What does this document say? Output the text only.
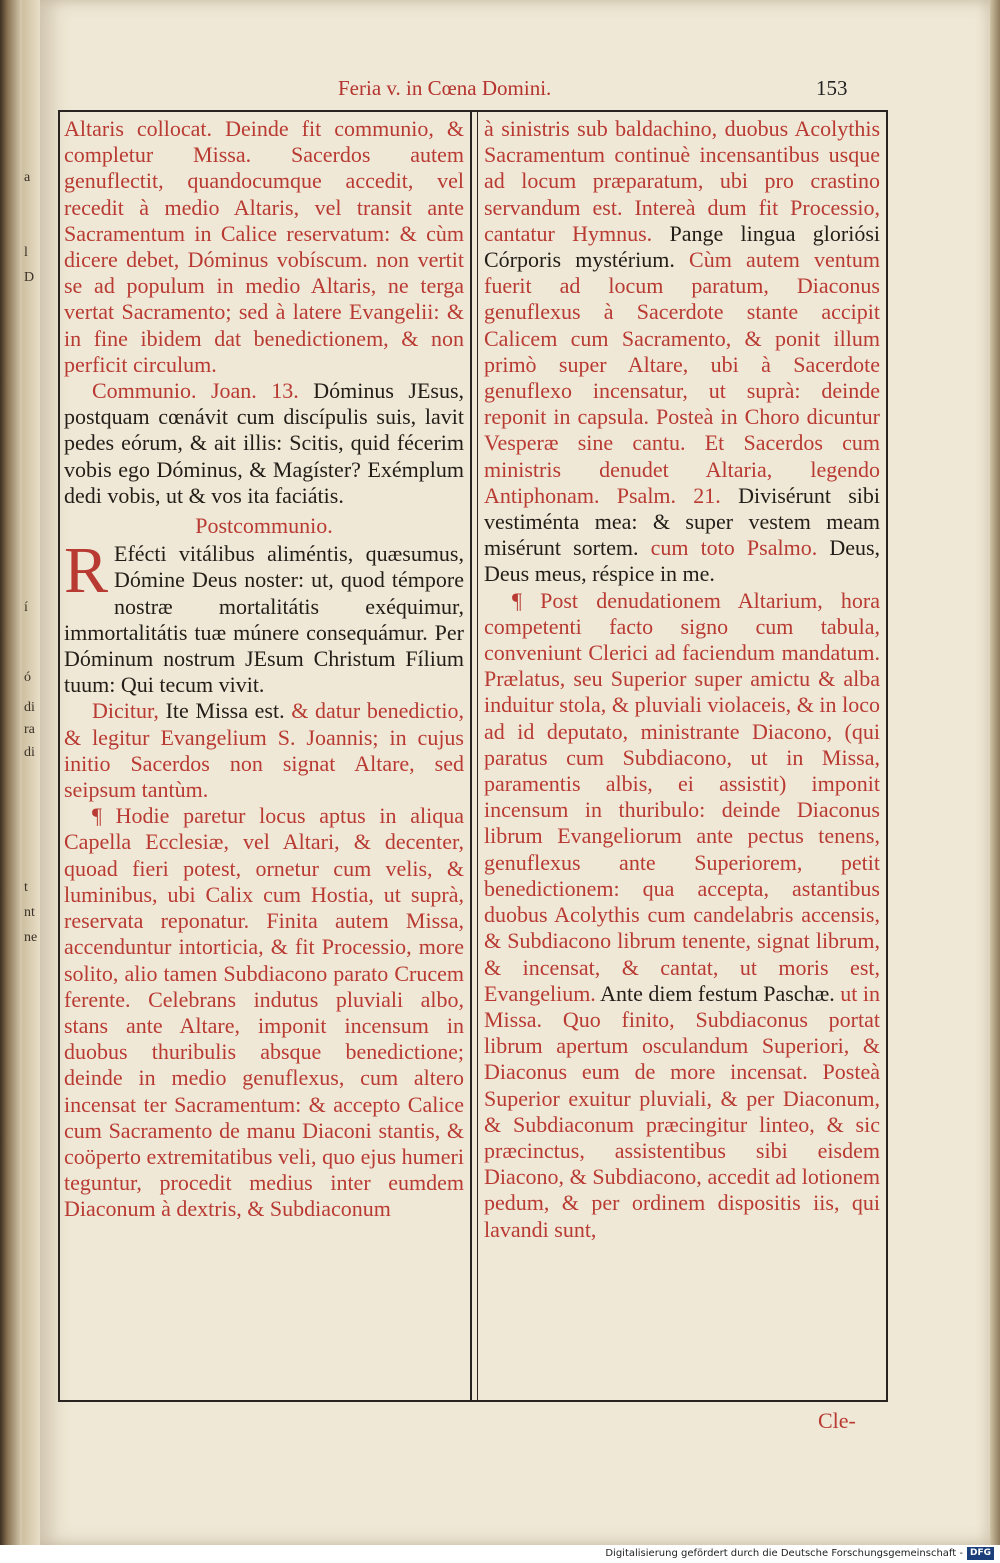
a
l
D
í
ó
di
ra
di
t
nt
ne
Feria v. in Cœna Domini.	153

Altaris collocat. Deinde fit communio, & completur Missa. Sacerdos autem genuflectit, quandocumque accedit, vel recedit à medio Altaris, vel transit ante Sacramentum in Calice reservatum: & cùm dicere debet, Dóminus vobíscum. non vertit se ad populum in medio Altaris, ne terga vertat Sacramento; sed à latere Evangelii: & in fine ibidem dat benedictionem, & non perficit circulum.

Communio. Joan. 13. Dóminus JEsus, postquam cœnávit cum discípulis suis, lavit pedes eórum, & ait illis: Scitis, quid fécerim vobis ego Dóminus, & Magíster? Exémplum dedi vobis, ut & vos ita faciátis.

Postcommunio.

R Efécti vitálibus aliméntis, quæsumus, Dómine Deus noster: ut, quod témpore nostræ mortalitátis exéquimur, immortalitátis tuæ múnere consequámur. Per Dóminum nostrum JEsum Christum Fílium tuum: Qui tecum vivit.

Dicitur, Ite Missa est. & datur benedictio, & legitur Evangelium S. Joannis; in cujus initio Sacerdos non signat Altare, sed seipsum tantùm.

¶ Hodie paretur locus aptus in aliqua Capella Ecclesiæ, vel Altari, & decenter, quoad fieri potest, ornetur cum velis, & luminibus, ubi Calix cum Hostia, ut suprà, reservata reponatur. Finita autem Missa, accenduntur intorticia, & fit Processio, more solito, alio tamen Subdiacono parato Crucem ferente. Celebrans indutus pluviali albo, stans ante Altare, imponit incensum in duobus thuribulis absque benedictione; deinde in medio genuflexus, cum altero incensat ter Sacramentum: & accepto Calice cum Sacramento de manu Diaconi stantis, & coöperto extremitatibus veli, quo ejus humeri teguntur, procedit medius inter eumdem Diaconum à dextris, & Subdiaconum

à sinistris sub baldachino, duobus Acolythis Sacramentum continuè incensantibus usque ad locum præparatum, ubi pro crastino servandum est. Intereà dum fit Processio, cantatur Hymnus. Pange lingua gloriósi Córporis mystérium. Cùm autem ventum fuerit ad locum paratum, Diaconus genuflexus à Sacerdote stante accipit Calicem cum Sacramento, & ponit illum primò super Altare, ubi à Sacerdote genuflexo incensatur, ut suprà: deinde reponit in capsula. Posteà in Choro dicuntur Vesperæ sine cantu. Et Sacerdos cum ministris denudet Altaria, legendo Antiphonam. Psalm. 21. Divisérunt sibi vestiménta mea: & super vestem meam misérunt sortem. cum toto Psalmo. Deus, Deus meus, réspice in me.

¶ Post denudationem Altarium, hora competenti facto signo cum tabula, conveniunt Clerici ad faciendum mandatum. Prælatus, seu Superior super amictu & alba induitur stola, & pluviali violaceis, & in loco ad id deputato, ministrante Diacono, (qui paratus cum Subdiacono, ut in Missa, paramentis albis, ei assistit) imponit incensum in thuribulo: deinde Diaconus librum Evangeliorum ante pectus tenens, genuflexus ante Superiorem, petit benedictionem: qua accepta, astantibus duobus Acolythis cum candelabris accensis, & Subdiacono librum tenente, signat librum, & incensat, & cantat, ut moris est, Evangelium. Ante diem festum Paschæ. ut in Missa. Quo finito, Subdiaconus portat librum apertum osculandum Superiori, & Diaconus eum de more incensat. Posteà Superior exuitur pluviali, & per Diaconum, & Subdiaconum præcingitur linteo, & sic præcinctus, assistentibus sibi eisdem Diacono, & Subdiacono, accedit ad lotionem pedum, & per ordinem dispositis iis, qui lavandi sunt,

Cle-
Digitalisierung gefördert durch die Deutsche Forschungsgemeinschaft - DFG
